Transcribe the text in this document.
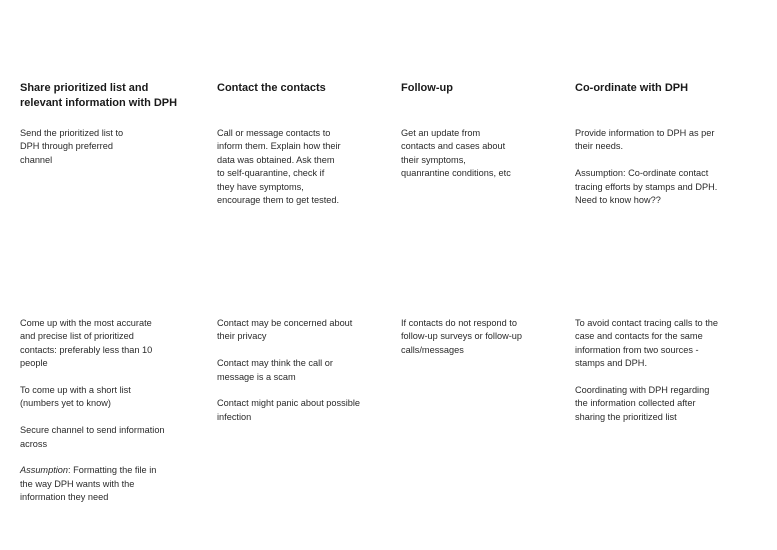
Share prioritized list and
relevant information with DPH
Send the prioritized list to
DPH through preferred
channel
Come up with the most accurate
and precise list of prioritized
contacts: preferably less than 10
people
To come up with a short list
(numbers yet to know)
Secure channel to send information
across
Assumption: Formatting the file in
the way DPH wants with the
information they need
Contact the contacts
Call or message contacts to
inform them. Explain how their
data was obtained. Ask them
to self-quarantine, check if
they have symptoms,
encourage them to get tested.
Contact may be concerned about
their privacy
Contact may think the call or
message is a scam
Contact might panic about possible
infection
Follow-up
Get an update from
contacts and cases about
their symptoms,
quanrantine conditions, etc
If contacts do not respond to
follow-up surveys or follow-up
calls/messages
Co-ordinate with DPH
Provide information to DPH as per
their needs.
Assumption: Co-ordinate contact
tracing efforts by stamps and DPH.
Need to know how??
To avoid contact tracing calls to the
case and contacts for the same
information from two sources -
stamps and DPH.
Coordinating with DPH regarding
the information collected after
sharing the prioritized list
